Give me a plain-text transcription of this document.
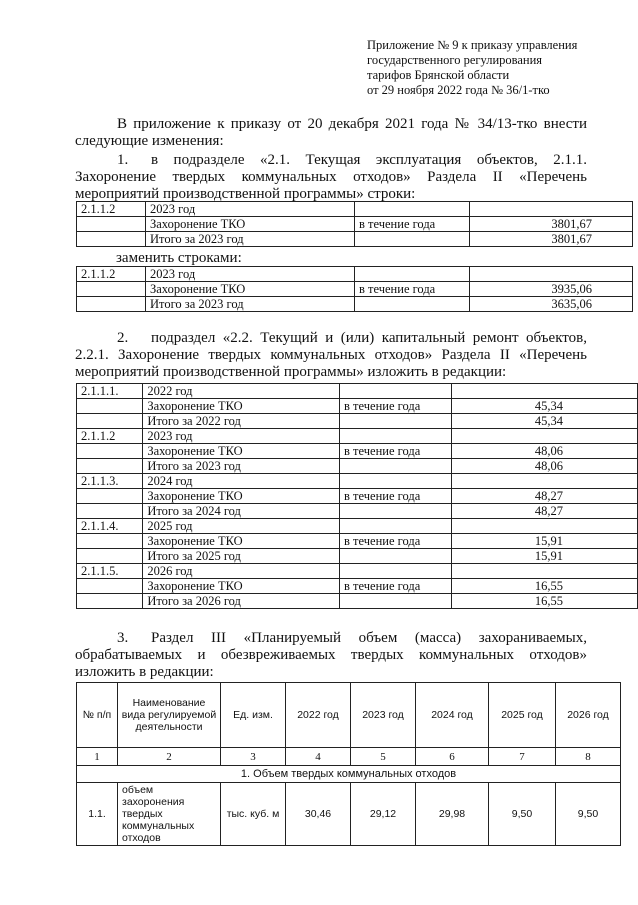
Приложение № 9 к приказу управления
государственного регулирования
тарифов Брянской области
от 29 ноября 2022 года № 36/1-тко
В приложение к приказу от 20 декабря 2021 года № 34/13-тко внести следующие изменения:
1. в подразделе «2.1. Текущая эксплуатация объектов, 2.1.1. Захоронение твердых коммунальных отходов» Раздела II «Перечень мероприятий производственной программы» строки:
2.1.1.2	2023 год		
	Захоронение ТКО	в течение года	3801,67
	Итого за 2023 год		3801,67
заменить строками:
2.1.1.2	2023 год		
	Захоронение ТКО	в течение года	3935,06
	Итого за 2023 год		3635,06
2. подраздел «2.2. Текущий и (или) капитальный ремонт объектов, 2.2.1. Захоронение твердых коммунальных отходов» Раздела II «Перечень мероприятий производственной программы» изложить в редакции:
2.1.1.1.	2022 год		
	Захоронение ТКО	в течение года	45,34
	Итого за 2022 год		45,34
2.1.1.2	2023 год		
	Захоронение ТКО	в течение года	48,06
	Итого за 2023 год		48,06
2.1.1.3.	2024 год		
	Захоронение ТКО	в течение года	48,27
	Итого за 2024 год		48,27
2.1.1.4.	2025 год		
	Захоронение ТКО	в течение года	15,91
	Итого за 2025 год		15,91
2.1.1.5.	2026 год		
	Захоронение ТКО	в течение года	16,55
	Итого за 2026 год		16,55
3. Раздел III «Планируемый объем (масса) захораниваемых, обрабатываемых и обезвреживаемых твердых коммунальных отходов» изложить в редакции:
№ п/п	Наименование вида регулируемой деятельности	Ед. изм.	2022 год	2023 год	2024 год	2025 год	2026 год
1	2	3	4	5	6	7	8
1. Объем твердых коммунальных отходов							
1.1.	объем захоронения твердых коммунальных отходов	тыс. куб. м	30,46	29,12	29,98	9,50	9,50
